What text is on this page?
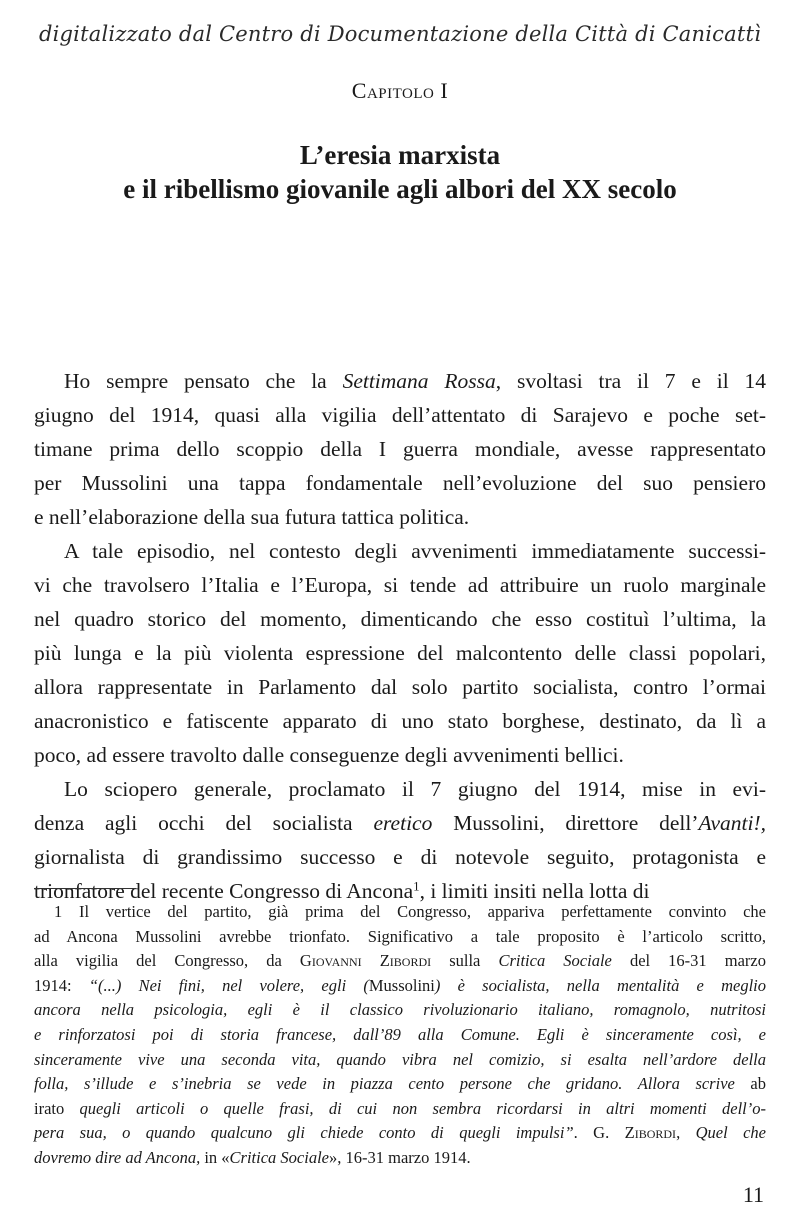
digitalizzato dal Centro di Documentazione della Città di Canicattì
Capitolo I
L’eresia marxista
e il ribellismo giovanile agli albori del XX secolo
Ho sempre pensato che la Settimana Rossa, svoltasi tra il 7 e il 14
giugno del 1914, quasi alla vigilia dell’attentato di Sarajevo e poche set-
timane prima dello scoppio della I guerra mondiale, avesse rappresentato
per Mussolini una tappa fondamentale nell’evoluzione del suo pensiero
e nell’elaborazione della sua futura tattica politica.
A tale episodio, nel contesto degli avvenimenti immediatamente successi-
vi che travolsero l’Italia e l’Europa, si tende ad attribuire un ruolo marginale
nel quadro storico del momento, dimenticando che esso costituì l’ultima, la
più lunga e la più violenta espressione del malcontento delle classi popolari,
allora rappresentate in Parlamento dal solo partito socialista, contro l’ormai
anacronistico e fatiscente apparato di uno stato borghese, destinato, da lì a
poco, ad essere travolto dalle conseguenze degli avvenimenti bellici.
Lo sciopero generale, proclamato il 7 giugno del 1914, mise in evi-
denza agli occhi del socialista eretico Mussolini, direttore dell’Avanti!,
giornalista di grandissimo successo e di notevole seguito, protagonista e
trionfatore del recente Congresso di Ancona$^1$, i limiti insiti nella lotta di
1 Il vertice del partito, già prima del Congresso, appariva perfettamente convinto che
ad Ancona Mussolini avrebbe trionfato. Significativo a tale proposito è l’articolo scritto,
alla vigilia del Congresso, da Giovanni Zibordi sulla Critica Sociale del 16-31 marzo
1914: “(...) Nei fini, nel volere, egli (Mussolini) è socialista, nella mentalità e meglio
ancora nella psicologia, egli è il classico rivoluzionario italiano, romagnolo, nutritosi
e rinforzatosi poi di storia francese, dall’89 alla Comune. Egli è sinceramente così, e
sinceramente vive una seconda vita, quando vibra nel comizio, si esalta nell’ardore della
folla, s’illude e s’inebria se vede in piazza cento persone che gridano. Allora scrive ab
irato quegli articoli o quelle frasi, di cui non sembra ricordarsi in altri momenti dell’o-
pera sua, o quando qualcuno gli chiede conto di quegli impulsi”. G. Zibordi, Quel che
dovremo dire ad Ancona, in «Critica Sociale», 16-31 marzo 1914.
11
